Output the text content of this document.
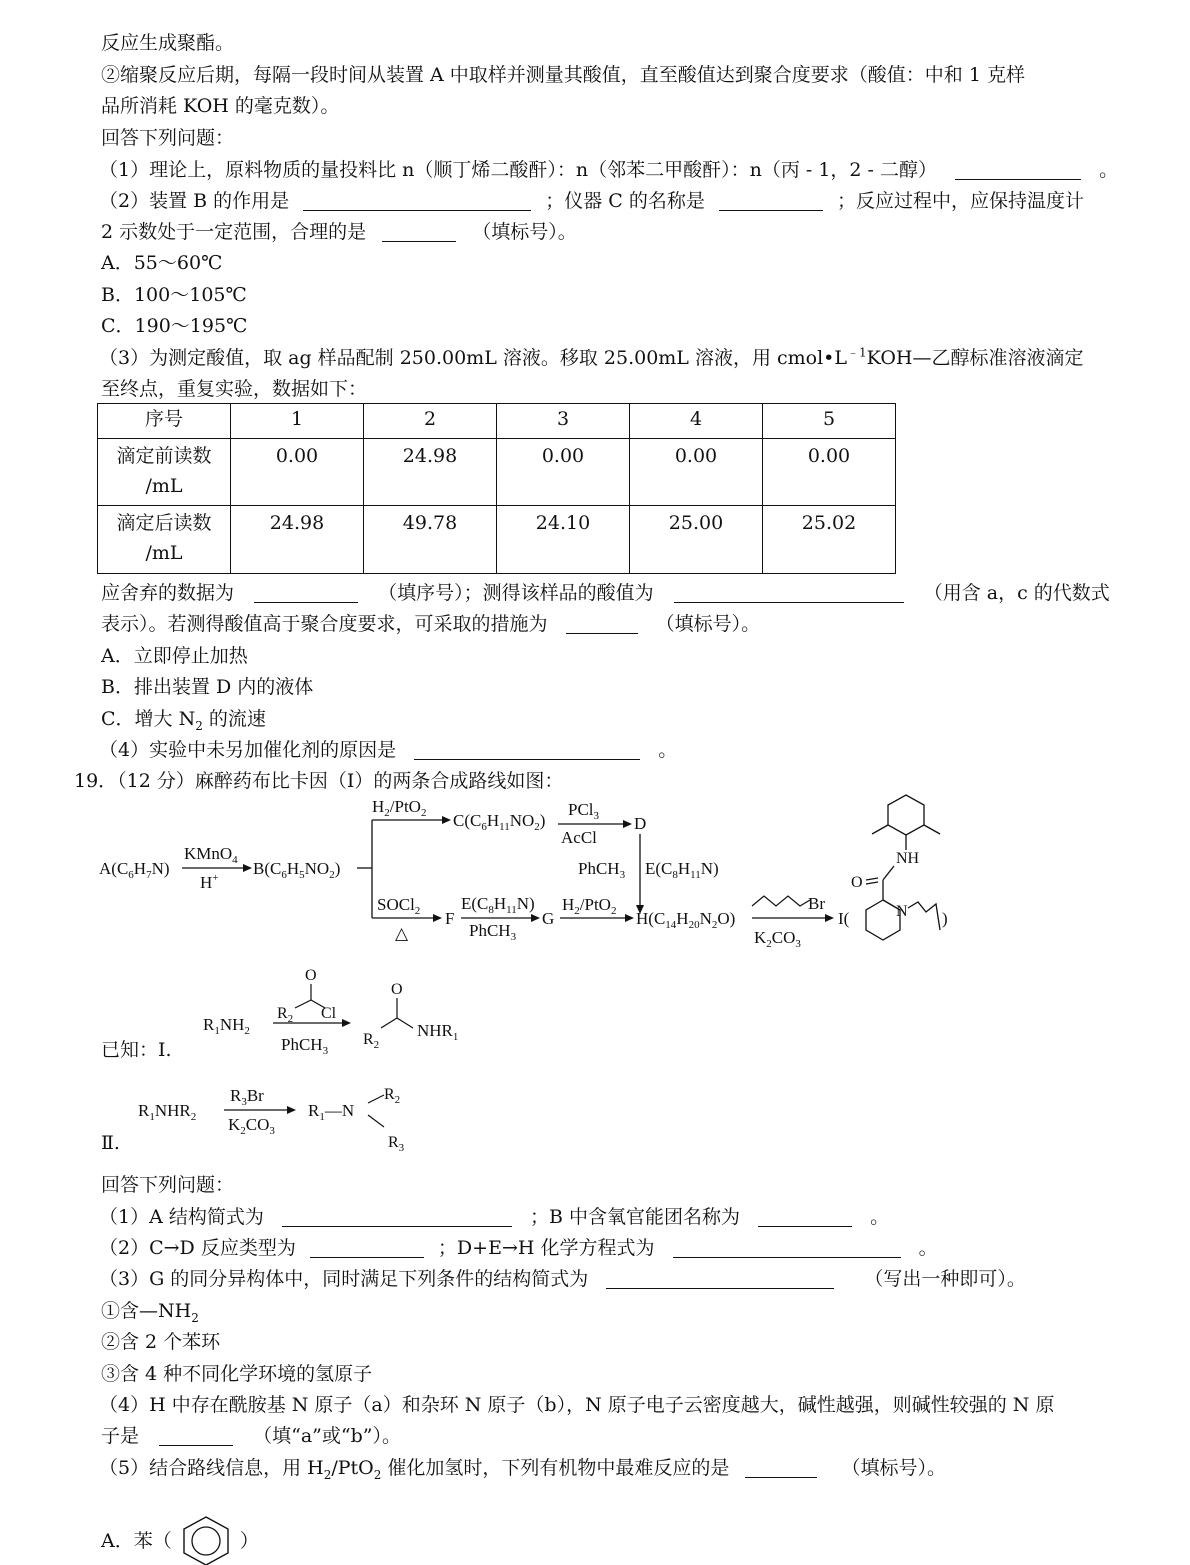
反应生成聚酯。
②缩聚反应后期，每隔一段时间从装置 A 中取样并测量其酸值，直至酸值达到聚合度要求（酸值：中和 1 克样
品所消耗 KOH 的毫克数）。
回答下列问题：
（1）理论上，原料物质的量投料比 n（顺丁烯二酸酐）：n（邻苯二甲酸酐）：n（丙 - 1，2 - 二醇）	。
（2）装置 B 的作用是	；仪器 C 的名称是	；反应过程中，应保持温度计
2 示数处于一定范围，合理的是	（填标号）。
A．55～60℃
B．100～105℃
C．190～195℃
（3）为测定酸值，取 ag 样品配制 250.00mL 溶液。移取 25.00mL 溶液，用 $cmol•L^{﹣1}KOH—$乙醇标准溶液滴定
至终点，重复实验，数据如下：
序号	1	2	3	4	5

滴定前读数
/mL	0.00	24.98	0.00	0.00	0.00

滴定后读数
/mL	24.98	49.78	24.10	25.00	25.02
应舍弃的数据为	（填序号）；测得该样品的酸值为	（用含 a，c 的代数式
表示）。若测得酸值高于聚合度要求，可采取的措施为	（填标号）。
A．立即停止加热
B．排出装置 D 内的液体
C．增大 $N_2$ 的流速
（4）实验中未另加催化剂的原因是	。
19．（12 分）麻醉药布比卡因（I）的两条合成路线如图：
$A(C_6H_7N)$
KMnO$_4$
H+ $B(C_6H_5NO_2)$
$H_2/PtO_2$ $C(C_6H_{11}NO_2)$
PCl$_3$
AcCl
D
PhCH$_3$ $E(C_8H_{11}N)$
SOCl$_2$
△
F
$E(C_8H_{11}N)$
PhCH$_3$
G
$H_2/PtO_2$ $H(C_{14}H_{20}N_2O)$
Br
$K_2CO_3$
I(
NH
O
N )
已知：Ⅰ.
$R_1NH_2$
O
$R_2$ Cl
PhCH$_3$
O
$R_2$
$NHR_1$
Ⅱ.
$R_1NHR_2$
$R_3Br$
$K_2CO_3$
$R_1—N$
$R_2$
$R_3$
回答下列问题：
（1）A 结构简式为	；B 中含氧官能团名称为	。
（2）C→D 反应类型为	；D+E→H 化学方程式为	。
（3）G 的同分异构体中，同时满足下列条件的结构简式为	（写出一种即可）。
①含$—NH_2$
②含 2 个苯环
③含 4 种不同化学环境的氢原子
（4）H 中存在酰胺基 N 原子（a）和杂环 N 原子（b），N 原子电子云密度越大，碱性越强，则碱性较强的 N 原
子是	（填“a”或“b”）。
（5）结合路线信息，用 $H_2/PtO_2$ 催化加氢时，下列有机物中最难反应的是	（填标号）。
A．苯（	）
